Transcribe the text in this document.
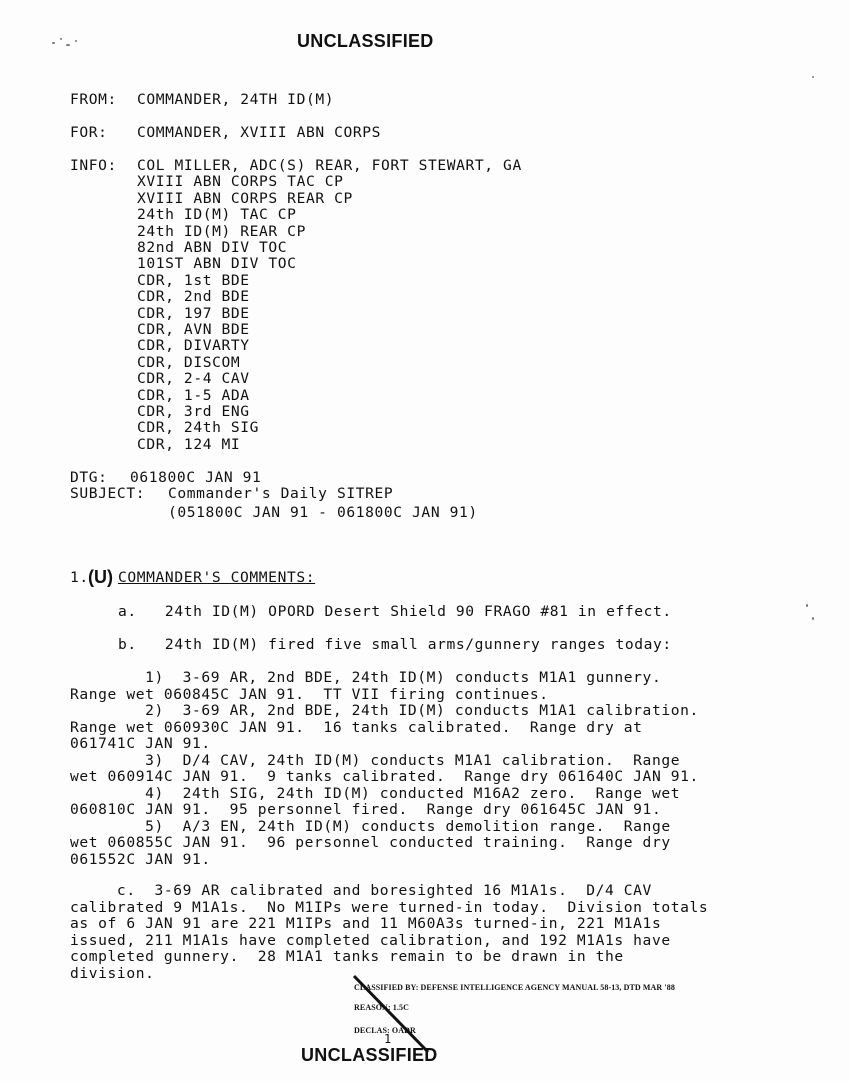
UNCLASSIFIED
FROM: COMMANDER, 24TH ID(M)
FOR: COMMANDER, XVIII ABN CORPS
INFO: COL MILLER, ADC(S) REAR, FORT STEWART, GA
XVIII ABN CORPS TAC CP
XVIII ABN CORPS REAR CP
24th ID(M) TAC CP
24th ID(M) REAR CP
82nd ABN DIV TOC
101ST ABN DIV TOC
CDR, 1st BDE
CDR, 2nd BDE
CDR, 197 BDE
CDR, AVN BDE
CDR, DIVARTY
CDR, DISCOM
CDR, 2-4 CAV
CDR, 1-5 ADA
CDR, 3rd ENG
CDR, 24th SIG
CDR, 124 MI
DTG: 061800C JAN 91
SUBJECT: Commander's Daily SITREP
(051800C JAN 91 - 061800C JAN 91)
1. (U) COMMANDER'S COMMENTS:
a.   24th ID(M) OPORD Desert Shield 90 FRAGO #81 in effect.
b.   24th ID(M) fired five small arms/gunnery ranges today:
1)  3-69 AR, 2nd BDE, 24th ID(M) conducts M1A1 gunnery.
Range wet 060845C JAN 91.  TT VII firing continues.
2)  3-69 AR, 2nd BDE, 24th ID(M) conducts M1A1 calibration.
Range wet 060930C JAN 91.  16 tanks calibrated.  Range dry at
061741C JAN 91.
3)  D/4 CAV, 24th ID(M) conducts M1A1 calibration.  Range
wet 060914C JAN 91.  9 tanks calibrated.  Range dry 061640C JAN 91.
4)  24th SIG, 24th ID(M) conducted M16A2 zero.  Range wet
060810C JAN 91.  95 personnel fired.  Range dry 061645C JAN 91.
5)  A/3 EN, 24th ID(M) conducts demolition range.  Range
wet 060855C JAN 91.  96 personnel conducted training.  Range dry
061552C JAN 91.
c.  3-69 AR calibrated and boresighted 16 M1A1s.  D/4 CAV
calibrated 9 M1A1s.  No M1IPs were turned-in today.  Division totals
as of 6 JAN 91 are 221 M1IPs and 11 M60A3s turned-in, 221 M1A1s
issued, 211 M1A1s have completed calibration, and 192 M1A1s have
completed gunnery.  28 M1A1 tanks remain to be drawn in the
division.
CLASSIFIED BY: DEFENSE INTELLIGENCE AGENCY MANUAL 58-13, DTD MAR '88
REASON: 1.5C
DECLAS: OADR
1
UNCLASSIFIED
